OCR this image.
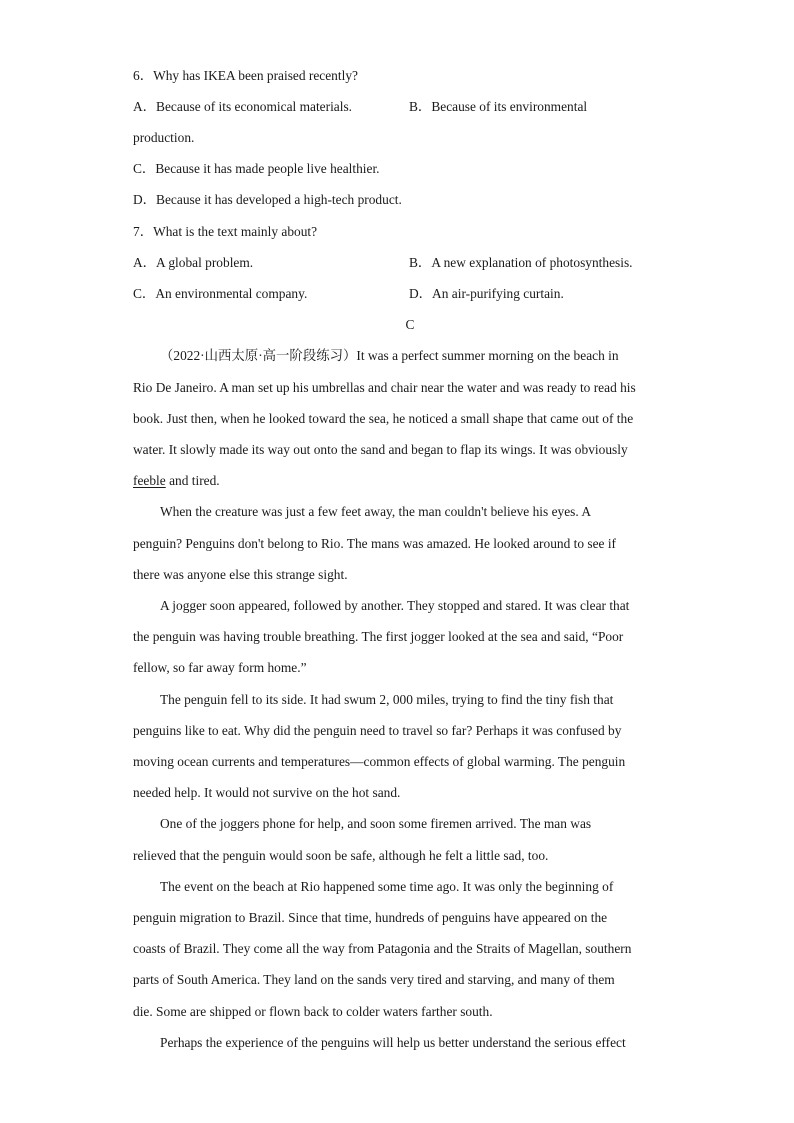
6．Why has IKEA been praised recently?
A．Because of its economical materials.	B．Because of its environmental
production.
C．Because it has made people live healthier.
D．Because it has developed a high-tech product.
7．What is the text mainly about?
A．A global problem.	B．A new explanation of photosynthesis.
C．An environmental company.	D．An air-purifying curtain.
C
（2022·山西太原·高一阶段练习）It was a perfect summer morning on the beach in
Rio De Janeiro. A man set up his umbrellas and chair near the water and was ready to read his
book. Just then, when he looked toward the sea, he noticed a small shape that came out of the
water. It slowly made its way out onto the sand and began to flap its wings. It was obviously
feeble and tired.
When the creature was just a few feet away, the man couldn't believe his eyes. A
penguin? Penguins don't belong to Rio. The mans was amazed. He looked around to see if
there was anyone else this strange sight.
A jogger soon appeared, followed by another. They stopped and stared. It was clear that
the penguin was having trouble breathing. The first jogger looked at the sea and said, “Poor
fellow, so far away form home.”
The penguin fell to its side. It had swum 2, 000 miles, trying to find the tiny fish that
penguins like to eat. Why did the penguin need to travel so far? Perhaps it was confused by
moving ocean currents and temperatures—common effects of global warming. The penguin
needed help. It would not survive on the hot sand.
One of the joggers phone for help, and soon some firemen arrived. The man was
relieved that the penguin would soon be safe, although he felt a little sad, too.
The event on the beach at Rio happened some time ago. It was only the beginning of
penguin migration to Brazil. Since that time, hundreds of penguins have appeared on the
coasts of Brazil. They come all the way from Patagonia and the Straits of Magellan, southern
parts of South America. They land on the sands very tired and starving, and many of them
die. Some are shipped or flown back to colder waters farther south.
Perhaps the experience of the penguins will help us better understand the serious effect
